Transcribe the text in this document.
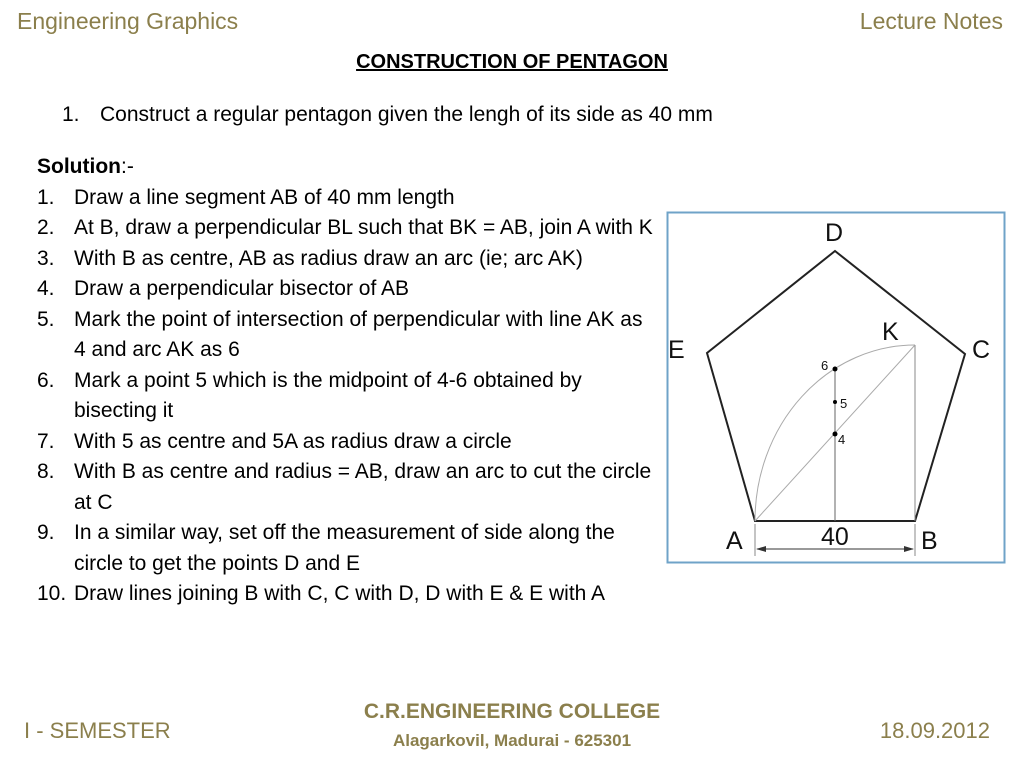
Engineering Graphics	Lecture Notes
CONSTRUCTION OF PENTAGON
1. Construct a regular pentagon given the lengh of its side as 40 mm
Solution:-
1. Draw a line segment AB of 40 mm length
2. At B, draw a perpendicular BL such that BK = AB, join A with K
3. With B as centre, AB as radius draw an arc (ie; arc AK)
4. Draw a perpendicular bisector of AB
5. Mark the point of intersection of perpendicular with line AK as 4 and arc AK as 6
6. Mark a point 5 which is the midpoint of 4-6 obtained by bisecting it
7. With 5 as centre and 5A as radius draw a circle
8. With B as centre and radius = AB, draw an arc to cut the circle at C
9. In a similar way, set off the measurement of side along the circle to get the points D and E
10. Draw lines joining B with C, C with D, D with E & E with A
D
E	C
K
A	B
40
6
5
4
I - SEMESTER
C.R.ENGINEERING COLLEGE
Alagarkovil, Madurai - 625301	18.09.2012
